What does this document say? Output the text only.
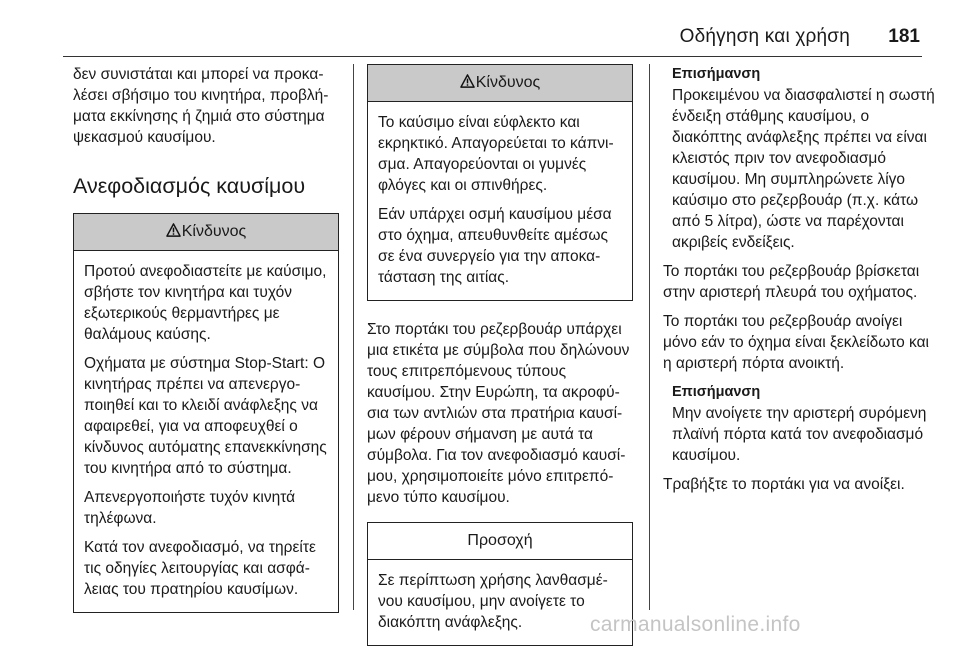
Οδήγηση και χρήση 181

δεν συνιστάται και μπορεί να προκαλέσει σβήσιμο του κινητήρα, προβλήματα εκκίνησης ή ζημιά στο σύστημα ψεκασμού καυσίμου.

Ανεφοδιασμός καυσίμου
Κίνδυνος

Προτού ανεφοδιαστείτε με καύσιμο, σβήστε τον κινητήρα και τυχόν εξωτερικούς θερμαντήρες με θαλάμους καύσης.

Οχήματα με σύστημα Stop-Start: Ο κινητήρας πρέπει να απενεργοποιηθεί και το κλειδί ανάφλεξης να αφαιρεθεί, για να αποφευχθεί ο κίνδυνος αυτόματης επανεκκίνησης του κινητήρα από το σύστημα.

Απενεργοποιήστε τυχόν κινητά τηλέφωνα.

Κατά τον ανεφοδιασμό, να τηρείτε τις οδηγίες λειτουργίας και ασφάλειας του πρατηρίου καυσίμων.

Κίνδυνος

Το καύσιμο είναι εύφλεκτο και εκρηκτικό. Απαγορεύεται το κάπνισμα. Απαγορεύονται οι γυμνές φλόγες και οι σπινθήρες.

Εάν υπάρχει οσμή καυσίμου μέσα στο όχημα, απευθυνθείτε αμέσως σε ένα συνεργείο για την αποκατάσταση της αιτίας.

Στο πορτάκι του ρεζερβουάρ υπάρχει μια ετικέτα με σύμβολα που δηλώνουν τους επιτρεπόμενους τύπους καυσίμου. Στην Ευρώπη, τα ακροφύσια των αντλιών στα πρατήρια καυσίμων φέρουν σήμανση με αυτά τα σύμβολα. Για τον ανεφοδιασμό καυσίμου, χρησιμοποιείτε μόνο επιτρεπόμενο τύπο καυσίμου.

Προσοχή

Σε περίπτωση χρήσης λανθασμένου καυσίμου, μην ανοίγετε το διακόπτη ανάφλεξης.

Επισήμανση
Προκειμένου να διασφαλιστεί η σωστή ένδειξη στάθμης καυσίμου, ο διακόπτης ανάφλεξης πρέπει να είναι κλειστός πριν τον ανεφοδιασμό καυσίμου. Μη συμπληρώνετε λίγο καύσιμο στο ρεζερβουάρ (π.χ. κάτω από 5 λίτρα), ώστε να παρέχονται ακριβείς ενδείξεις.

Το πορτάκι του ρεζερβουάρ βρίσκεται στην αριστερή πλευρά του οχήματος.

Το πορτάκι του ρεζερβουάρ ανοίγει μόνο εάν το όχημα είναι ξεκλείδωτο και η αριστερή πόρτα ανοικτή.

Επισήμανση
Μην ανοίγετε την αριστερή συρόμενη πλαϊνή πόρτα κατά τον ανεφοδιασμό καυσίμου.

Τραβήξτε το πορτάκι για να ανοίξει.

carmanualsonline.info
